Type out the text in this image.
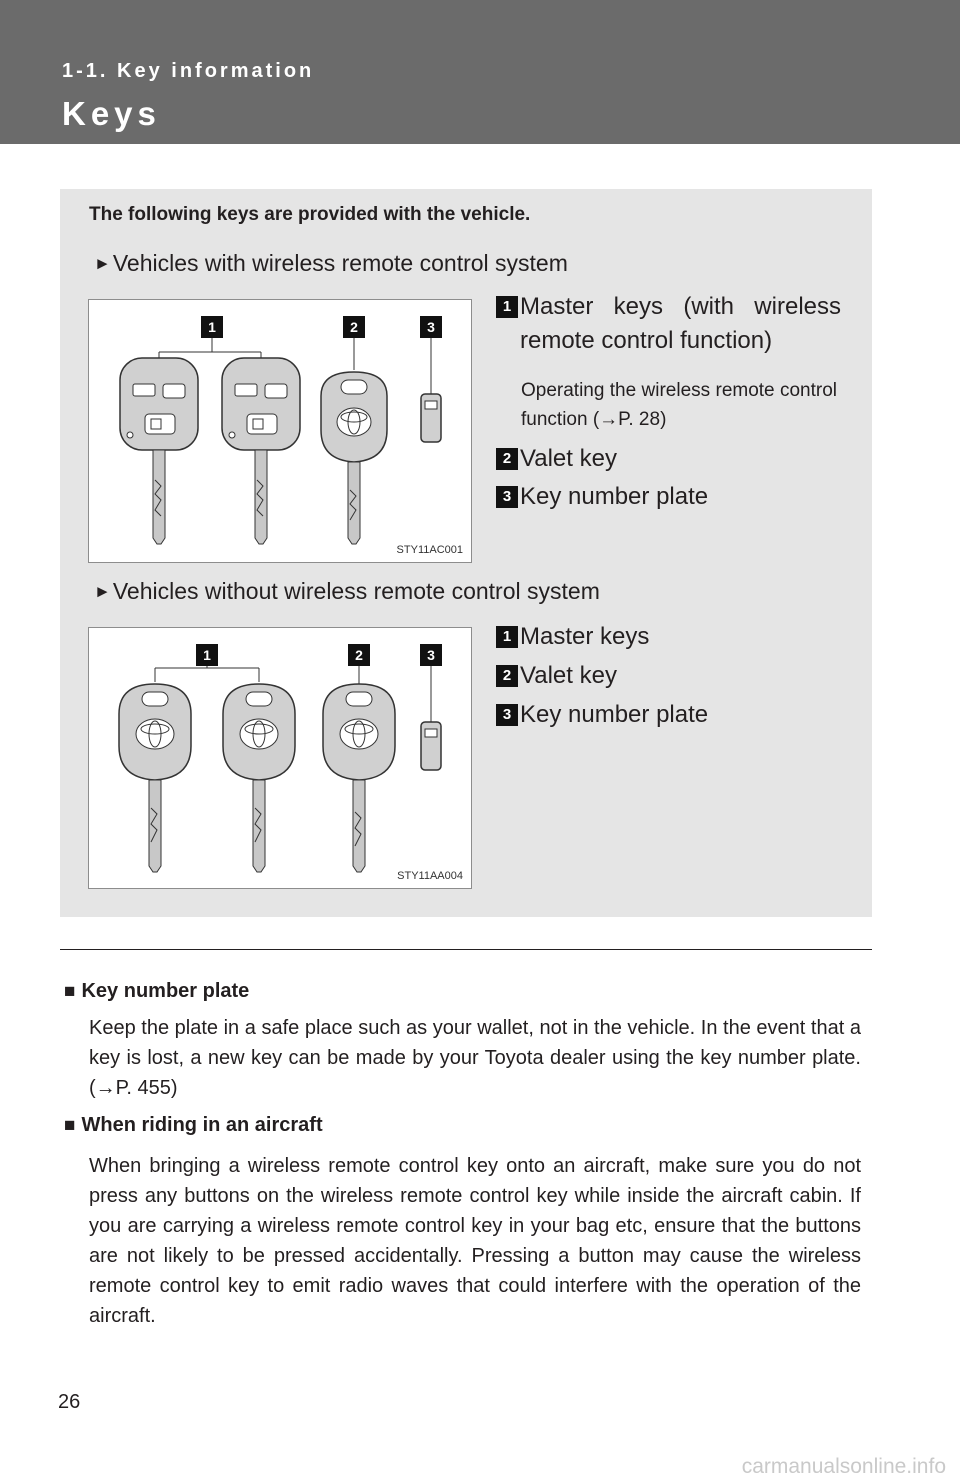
1-1. Key information
Keys
The following keys are provided with the vehicle.
►Vehicles with wireless remote control system
1	2	3
STY11AC001
1 Master keys (with wireless remote control function)
Operating the wireless remote control function (→P. 28)
2 Valet key
3 Key number plate
►Vehicles without wireless remote control system
1	2	3
STY11AA004
1 Master keys
2 Valet key
3 Key number plate
■ Key number plate
Keep the plate in a safe place such as your wallet, not in the vehicle. In the event that a key is lost, a new key can be made by your Toyota dealer using the key number plate. (→P. 455)
■ When riding in an aircraft
When bringing a wireless remote control key onto an aircraft, make sure you do not press any buttons on the wireless remote control key while inside the aircraft cabin. If you are carrying a wireless remote control key in your bag etc, ensure that the buttons are not likely to be pressed accidentally. Pressing a button may cause the wireless remote control key to emit radio waves that could interfere with the operation of the aircraft.
26
carmanualsonline.info
